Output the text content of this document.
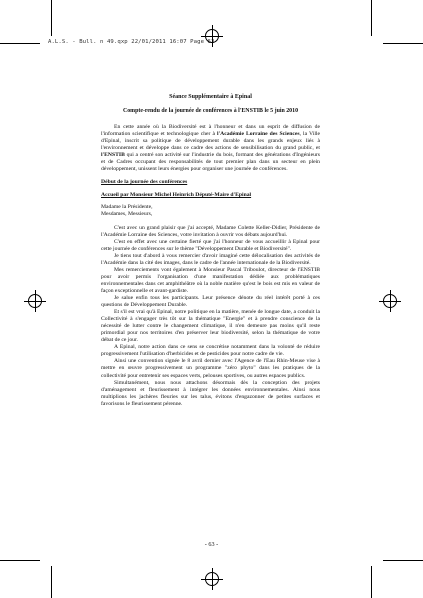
A.L.S. - Bull. n 49.qxp 22/01/2011 16:07 Page 63
Séance Supplémentaire à Epinal
Compte-rendu de la journée de conférences à l'ENSTIB le 5 juin 2010

En cette année où la Biodiversité est à l'honneur et dans un esprit de diffusion de l'information scientifique et technologique cher à l'Académie Lorraine des Sciences, la Ville d'Epinal, inscrit sa politique de développement durable dans les grands enjeux liés à l'environnement et développe dans ce cadre des actions de sensibilisation du grand public, et l'ENSTIB qui a centré son activité sur l'industrie du bois, formant des générations d'Ingénieurs et de Cadres occupant des responsabilités de tout premier plan dans un secteur en plein développement, unissent leurs énergies pour organiser une journée de conférences.

Début de la journée des conférences
Accueil par Monsieur Michel Heinrich Député-Maire d'Epinal
Madame la Présidente,
Mesdames, Messieurs,

C'est avec un grand plaisir que j'ai accepté, Madame Colette Keller-Didier, Présidente de l'Académie Lorraine des Sciences, votre invitation à ouvrir vos débats aujourd'hui.

C'est en effet avec une certaine fierté que j'ai l'honneur de vous accueillir à Epinal pour cette journée de conférences sur le thème "Développement Durable et Biodiversité".

Je tiens tout d'abord à vous remercier d'avoir imaginé cette délocalisation des activités de l'Académie dans la cité des images, dans le cadre de l'année internationale de la Biodiversité.

Mes remerciements vont également à Monsieur Pascal Triboulot, directeur de l'ENSTIB pour avoir permis l'organisation d'une manifestation dédiée aux problématiques environnementales dans cet amphithéâtre où la noble matière qu'est le bois est mis en valeur de façon exceptionnelle et avant-gardiste.

Je salue enfin tous les participants. Leur présence dénote du réel intérêt porté à ces questions de Développement Durable.

Et s'il est vrai qu'à Epinal, notre politique en la matière, menée de longue date, a conduit la Collectivité à s'engager très tôt sur la thématique "Energie" et à prendre conscience de la nécessité de lutter contre le changement climatique, il n'en demeure pas moins qu'il reste primordial pour nos territoires d'en préserver leur biodiversité, selon la thématique de votre débat de ce jour.

A Epinal, notre action dans ce sens se concrétise notamment dans la volonté de réduire progressivement l'utilisation d'herbicides et de pesticides pour notre cadre de vie.

Ainsi une convention signée le 8 avril dernier avec l'Agence de l'Eau Rhin-Meuse vise à mettre en œuvre progressivement un programme "zéro phyto" dans les pratiques de la collectivité pour entretenir ses espaces verts, pelouses sportives, ou autres espaces publics.

Simultanément, nous nous attachons désormais dès la conception des projets d'aménagement et fleurissement à intégrer les données environnementales. Ainsi nous multiplions les jachères fleuries sur les talus, évitons d'engazonner de petites surfaces et favorisons le fleurissement pérenne.

- 63 -
